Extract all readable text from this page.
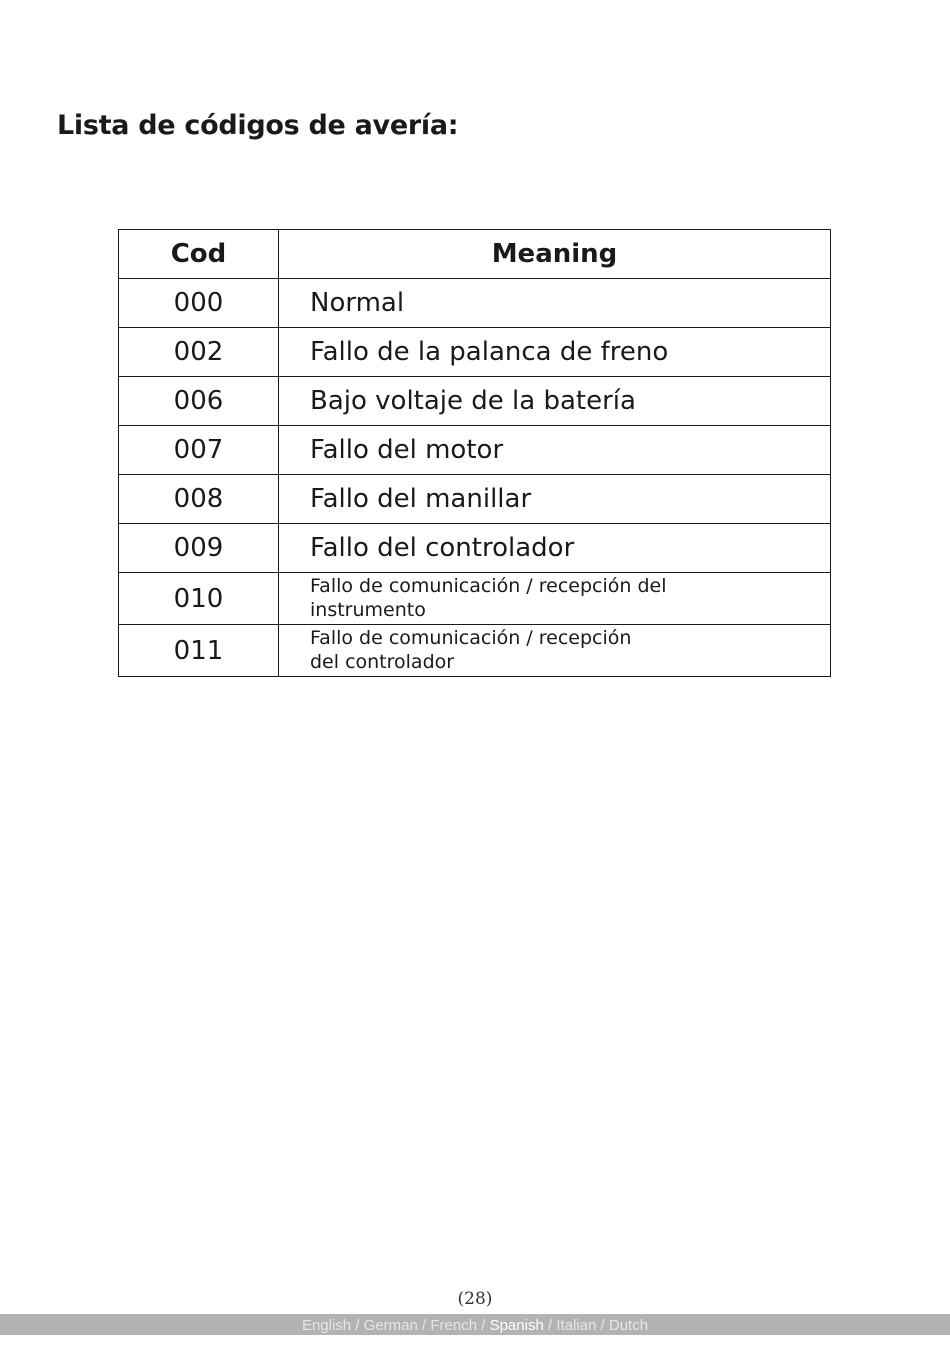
Lista de códigos de avería:
Cod	Meaning
000	Normal
002	Fallo de la palanca de freno
006	Bajo voltaje de la batería
007	Fallo del motor
008	Fallo del manillar
009	Fallo del controlador
010	Fallo de comunicación / recepción del instrumento

011	Fallo de comunicación / recepción del controlador
(28)
English / German / French / Spanish / Italian / Dutch
